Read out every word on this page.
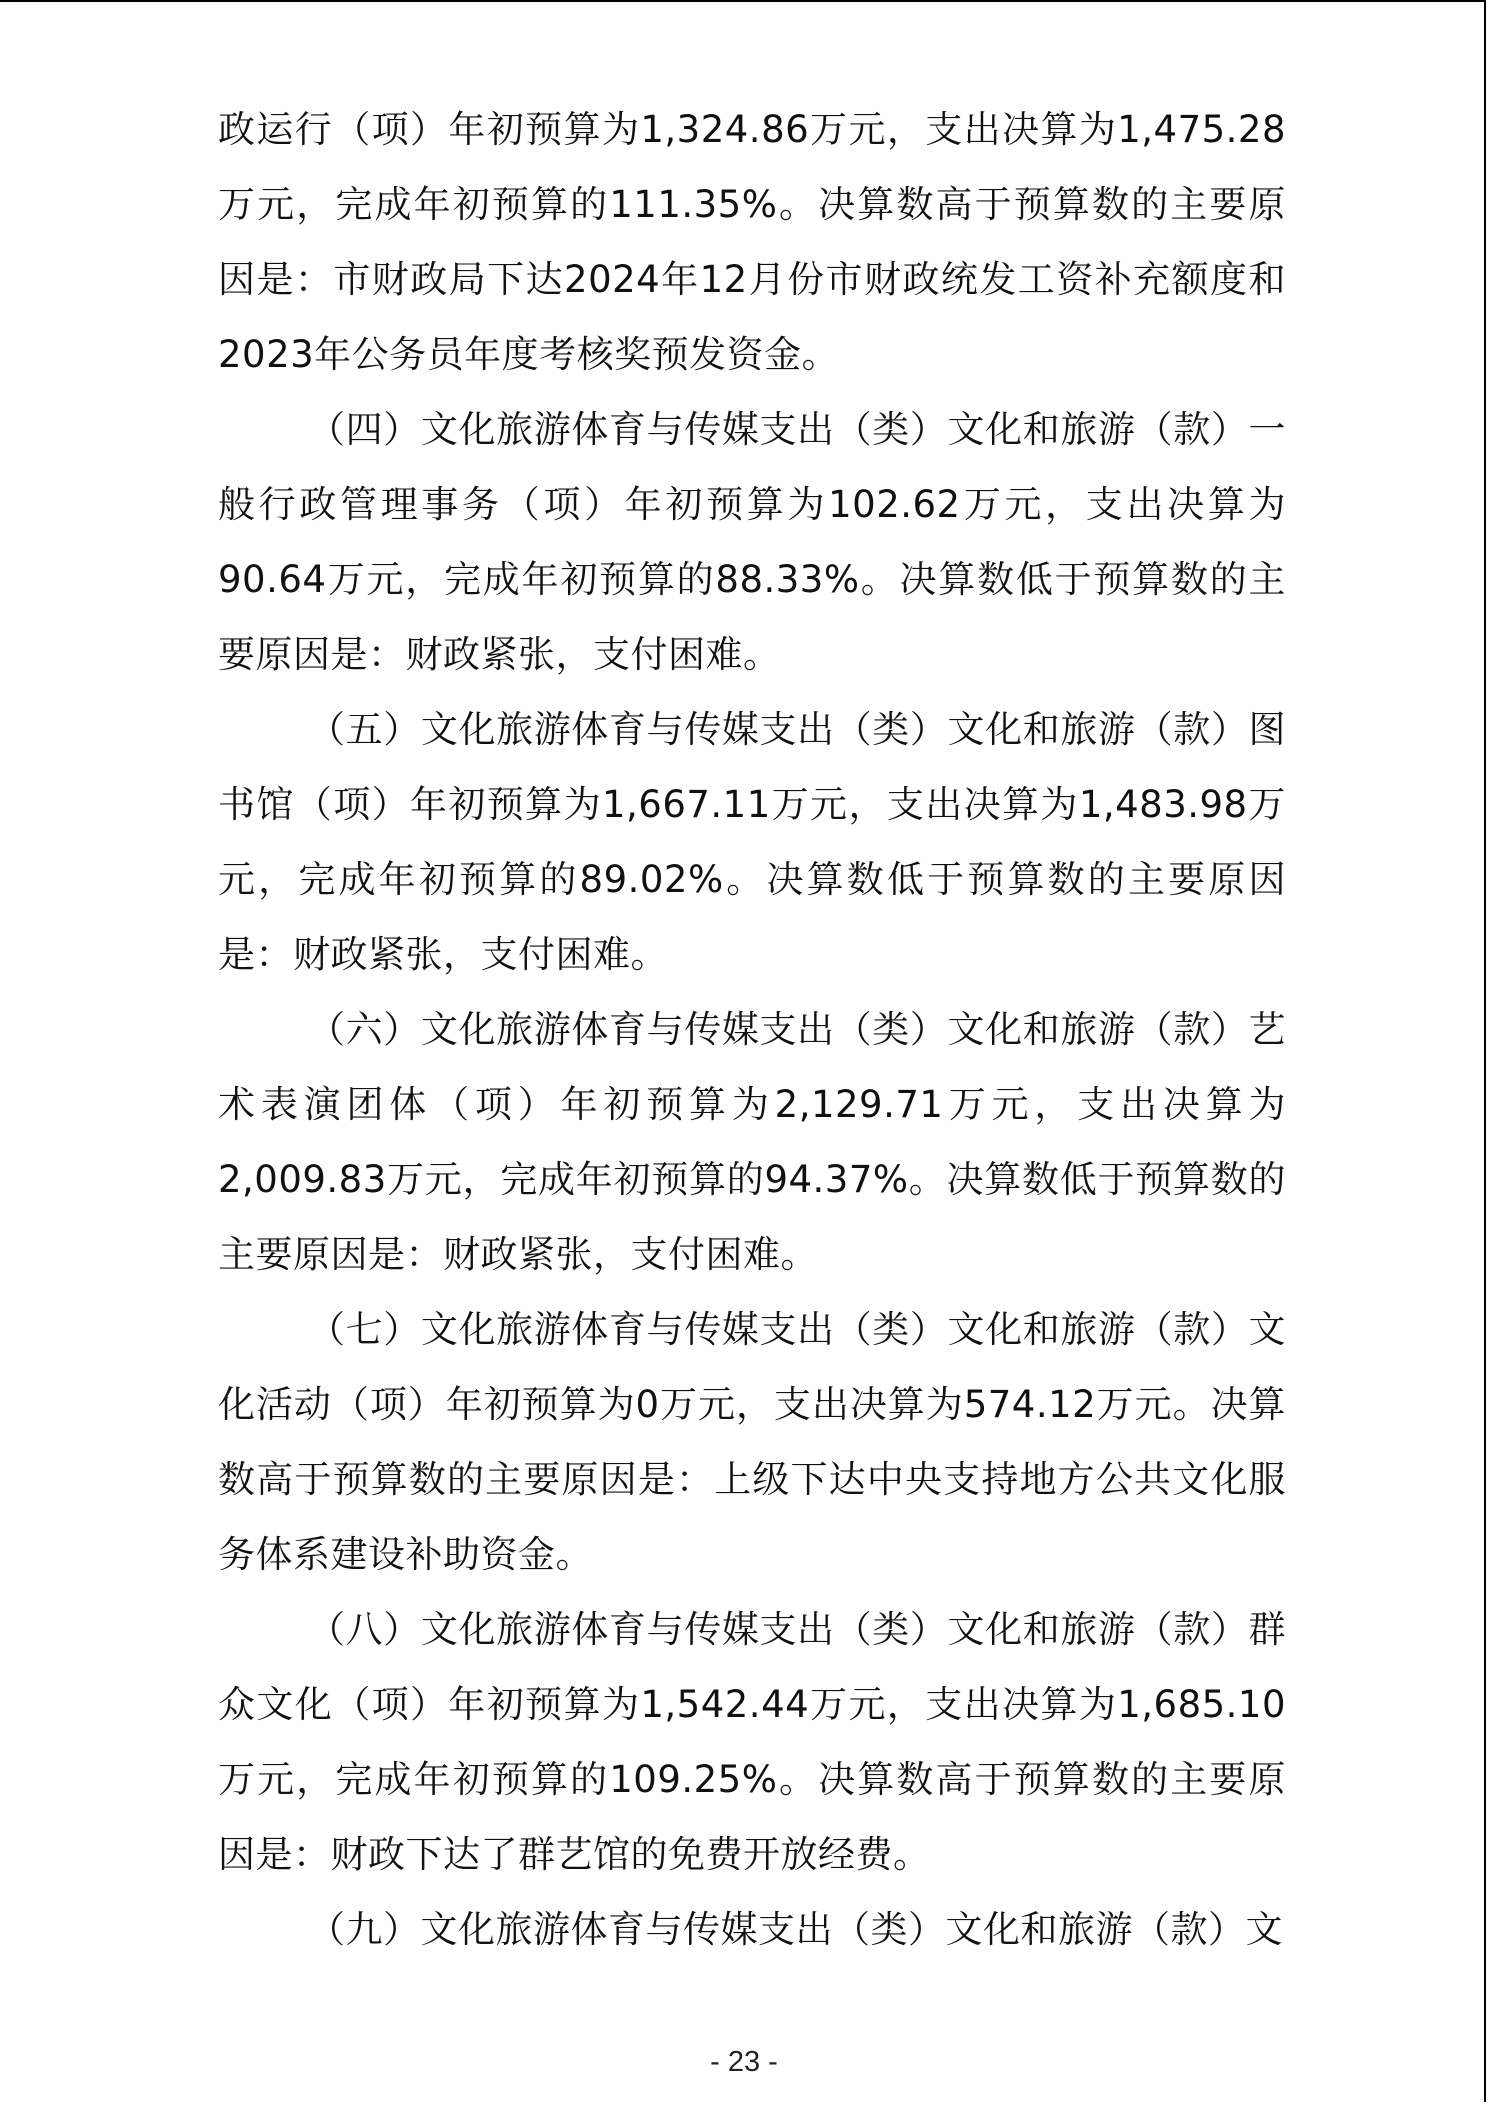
政运行（项）年初预算为1,324.86万元，支出决算为1,475.28万元，完成年初预算的111.35%。决算数高于预算数的主要原因是：市财政局下达2024年12月份市财政统发工资补充额度和2023年公务员年度考核奖预发资金。

（四）文化旅游体育与传媒支出（类）文化和旅游（款）一般行政管理事务（项）年初预算为102.62万元，支出决算为90.64万元，完成年初预算的88.33%。决算数低于预算数的主要原因是：财政紧张，支付困难。

（五）文化旅游体育与传媒支出（类）文化和旅游（款）图书馆（项）年初预算为1,667.11万元，支出决算为1,483.98万元，完成年初预算的89.02%。决算数低于预算数的主要原因是：财政紧张，支付困难。

（六）文化旅游体育与传媒支出（类）文化和旅游（款）艺术表演团体（项）年初预算为2,129.71万元，支出决算为2,009.83万元，完成年初预算的94.37%。决算数低于预算数的主要原因是：财政紧张，支付困难。

（七）文化旅游体育与传媒支出（类）文化和旅游（款）文化活动（项）年初预算为0万元，支出决算为574.12万元。决算数高于预算数的主要原因是：上级下达中央支持地方公共文化服务体系建设补助资金。

（八）文化旅游体育与传媒支出（类）文化和旅游（款）群众文化（项）年初预算为1,542.44万元，支出决算为1,685.10万元，完成年初预算的109.25%。决算数高于预算数的主要原因是：财政下达了群艺馆的免费开放经费。

（九）文化旅游体育与传媒支出（类）文化和旅游（款）文

- 23 -
